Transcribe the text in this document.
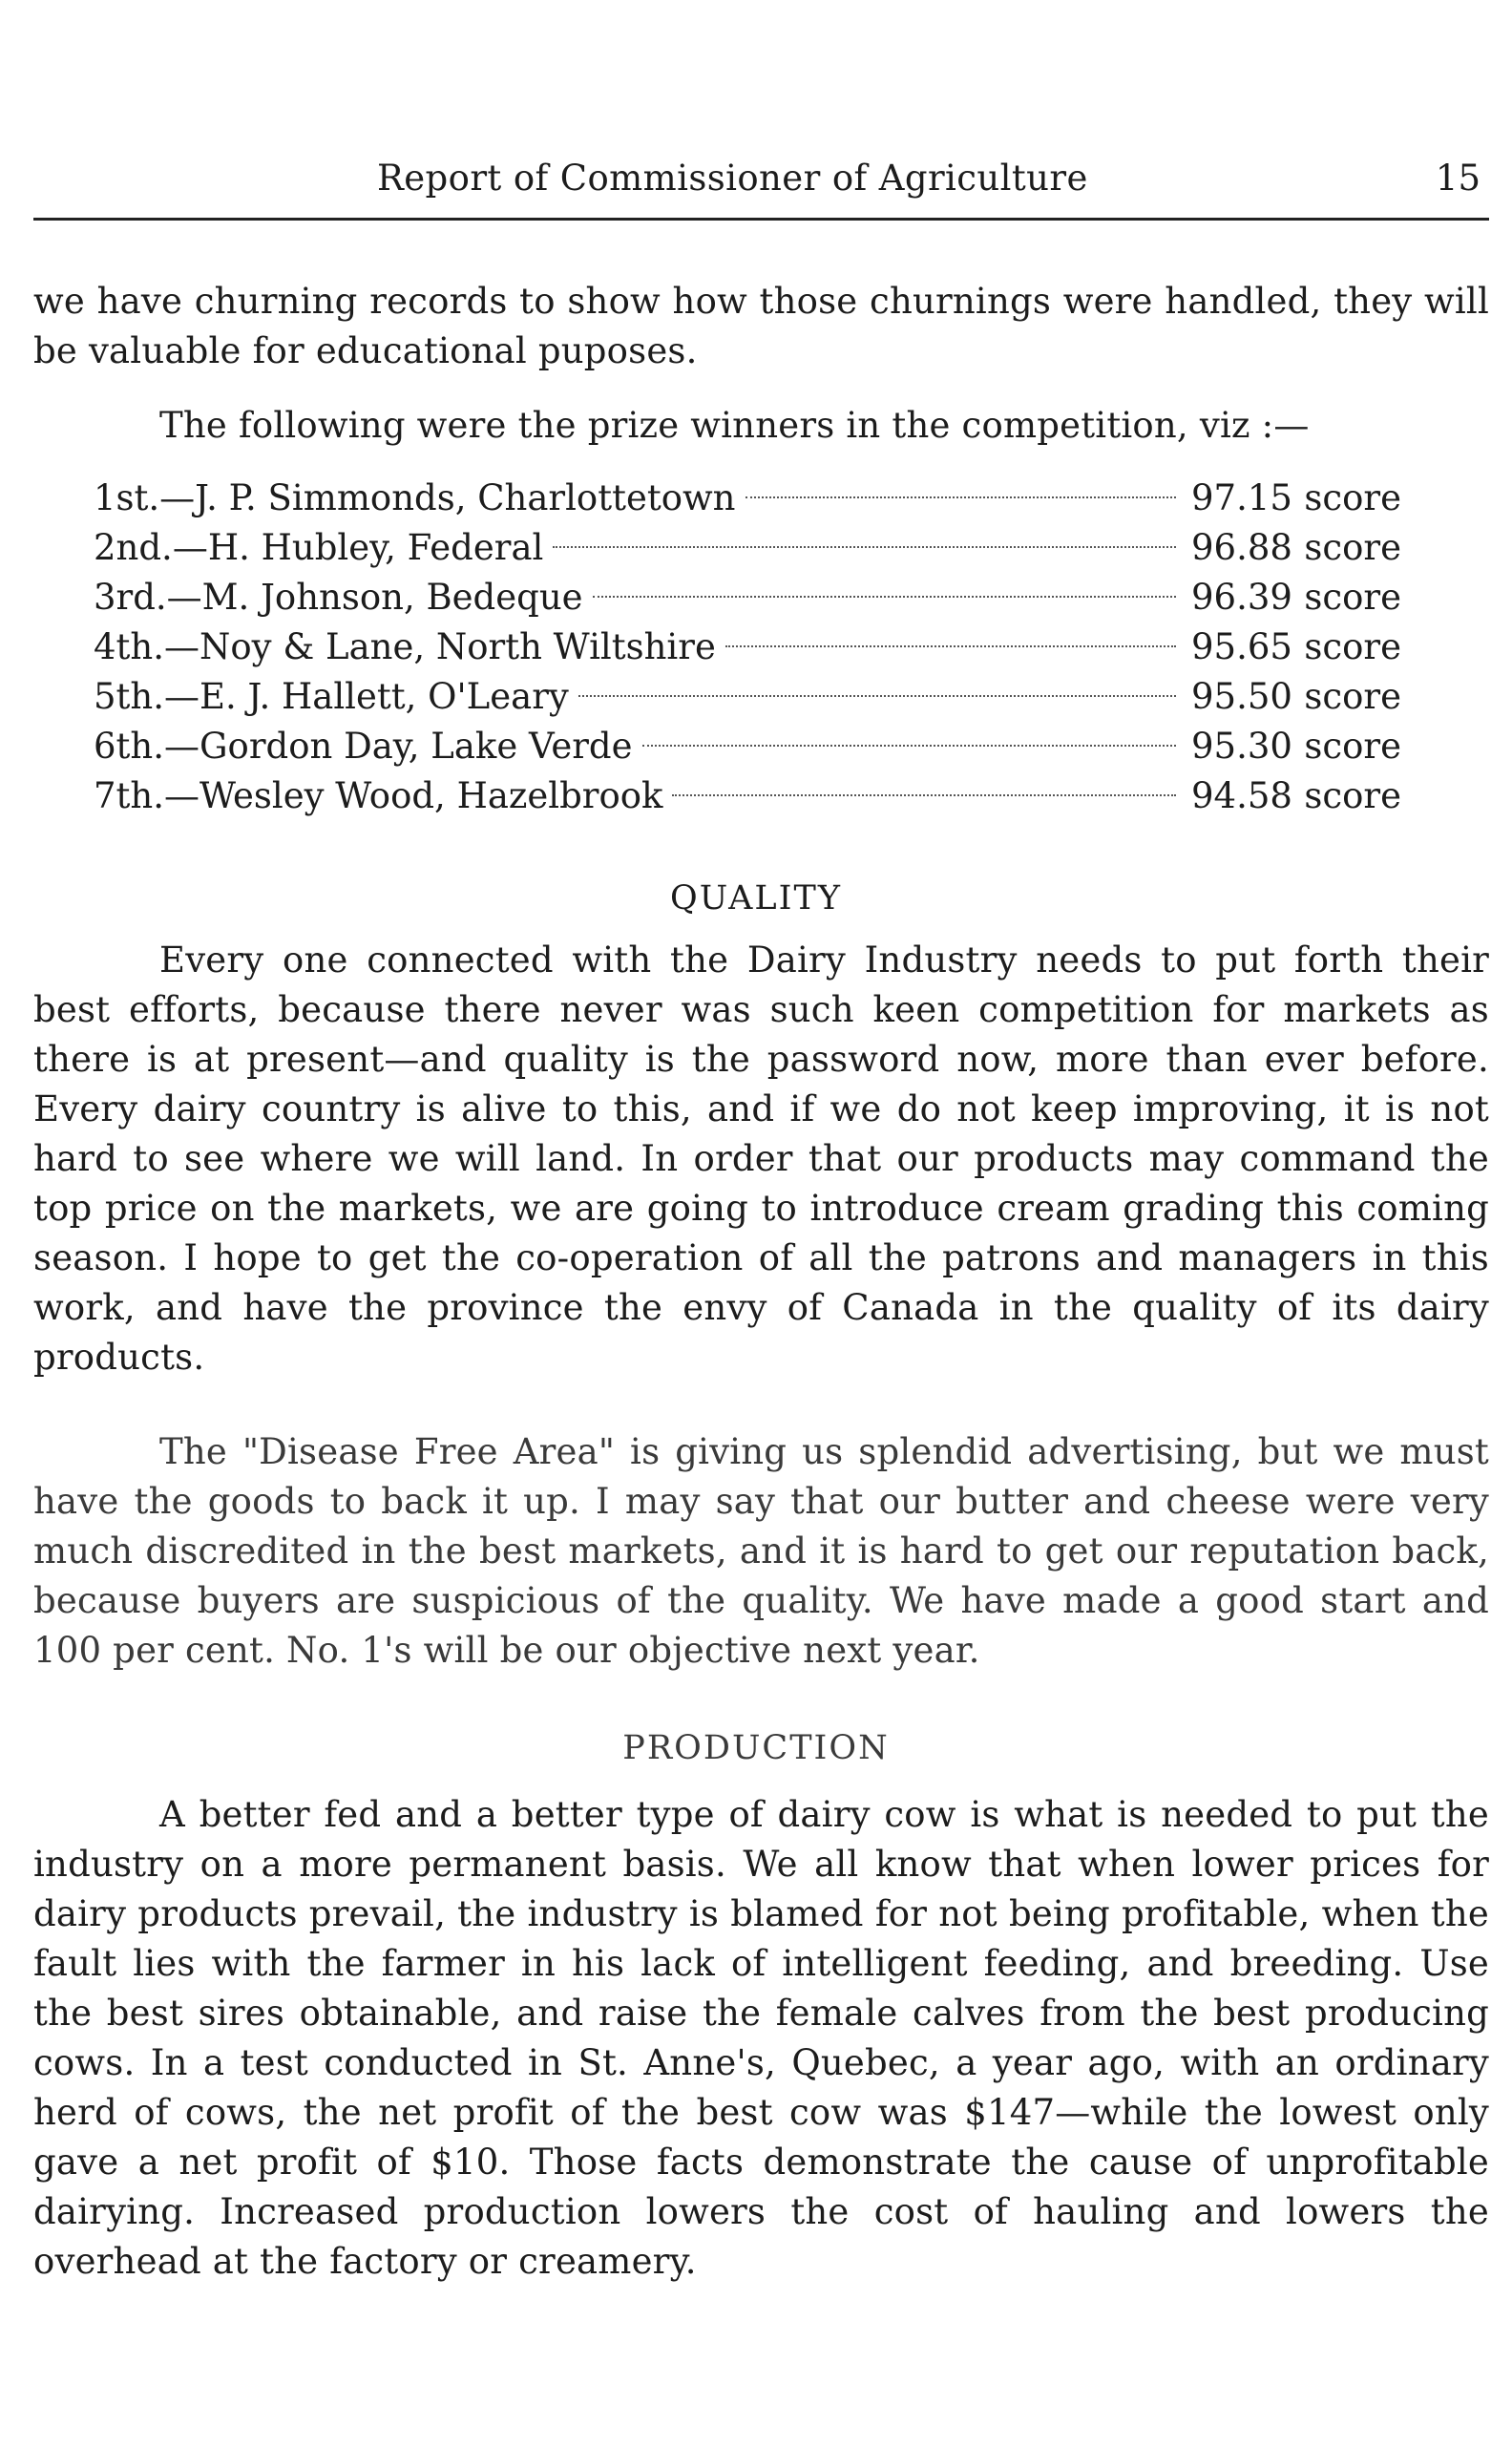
Report of Commissioner of Agriculture	15

we have churning records to show how those churnings were handled, they will be valuable for educational puposes.

The following were the prize winners in the competition, viz :—

1st.—J. P. Simmonds, Charlottetown	97.15 score
2nd.—H. Hubley, Federal	96.88 score
3rd.—M. Johnson, Bedeque	96.39 score
4th.—Noy & Lane, North Wiltshire	95.65 score
5th.—E. J. Hallett, O'Leary	95.50 score
6th.—Gordon Day, Lake Verde	95.30 score
7th.—Wesley Wood, Hazelbrook	94.58 score
QUALITY

Every one connected with the Dairy Industry needs to put forth their best efforts, because there never was such keen competition for markets as there is at present—and quality is the password now, more than ever before. Every dairy country is alive to this, and if we do not keep improving, it is not hard to see where we will land. In order that our products may command the top price on the markets, we are going to introduce cream grading this coming season. I hope to get the co-operation of all the patrons and managers in this work, and have the province the envy of Canada in the quality of its dairy products.

The "Disease Free Area" is giving us splendid advertising, but we must have the goods to back it up. I may say that our butter and cheese were very much discredited in the best markets, and it is hard to get our reputation back, because buyers are suspicious of the quality. We have made a good start and 100 per cent. No. 1's will be our objective next year.

PRODUCTION

A better fed and a better type of dairy cow is what is needed to put the industry on a more permanent basis. We all know that when lower prices for dairy products prevail, the industry is blamed for not being profitable, when the fault lies with the farmer in his lack of intelligent feeding, and breeding. Use the best sires obtainable, and raise the female calves from the best producing cows. In a test conducted in St. Anne's, Quebec, a year ago, with an ordinary herd of cows, the net profit of the best cow was $147—while the lowest only gave a net profit of $10. Those facts demonstrate the cause of unprofitable dairying. Increased production lowers the cost of hauling and lowers the overhead at the factory or creamery.
